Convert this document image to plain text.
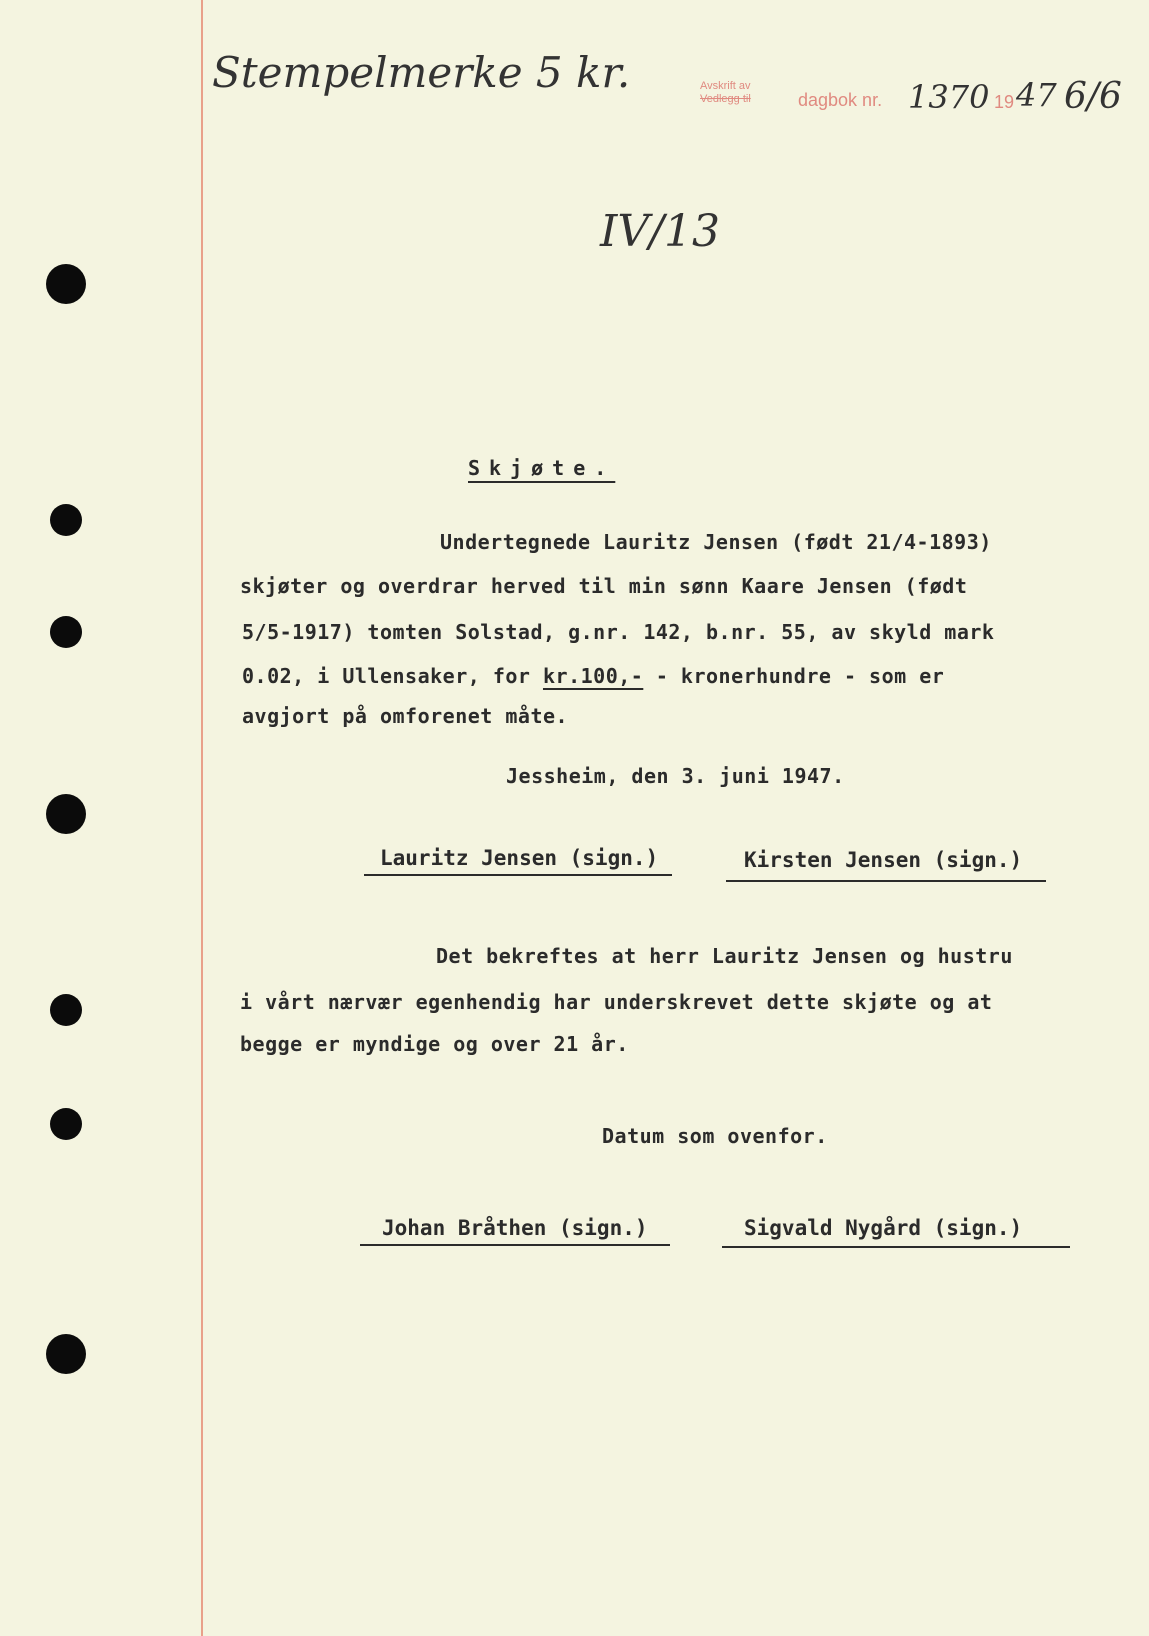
Stempelmerke 5 kr.	Avskrift av
Vedlegg til	dagbok nr. 1370 19 47 6/6
IV/13
Skjøte.
Undertegnede Lauritz Jensen (født 21/4-1893)
skjøter og overdrar herved til min sønn Kaare Jensen (født
5/5-1917) tomten Solstad, g.nr. 142, b.nr. 55, av skyld mark
0.02, i Ullensaker, for kr.100,- - kronerhundre - som er
avgjort på omforenet måte.
Jessheim, den 3. juni 1947.
Lauritz Jensen (sign.)	Kirsten Jensen (sign.)
Det bekreftes at herr Lauritz Jensen og hustru
i vårt nærvær egenhendig har underskrevet dette skjøte og at
begge er myndige og over 21 år.
Datum som ovenfor.
Johan Bråthen (sign.)	Sigvald Nygård (sign.)
